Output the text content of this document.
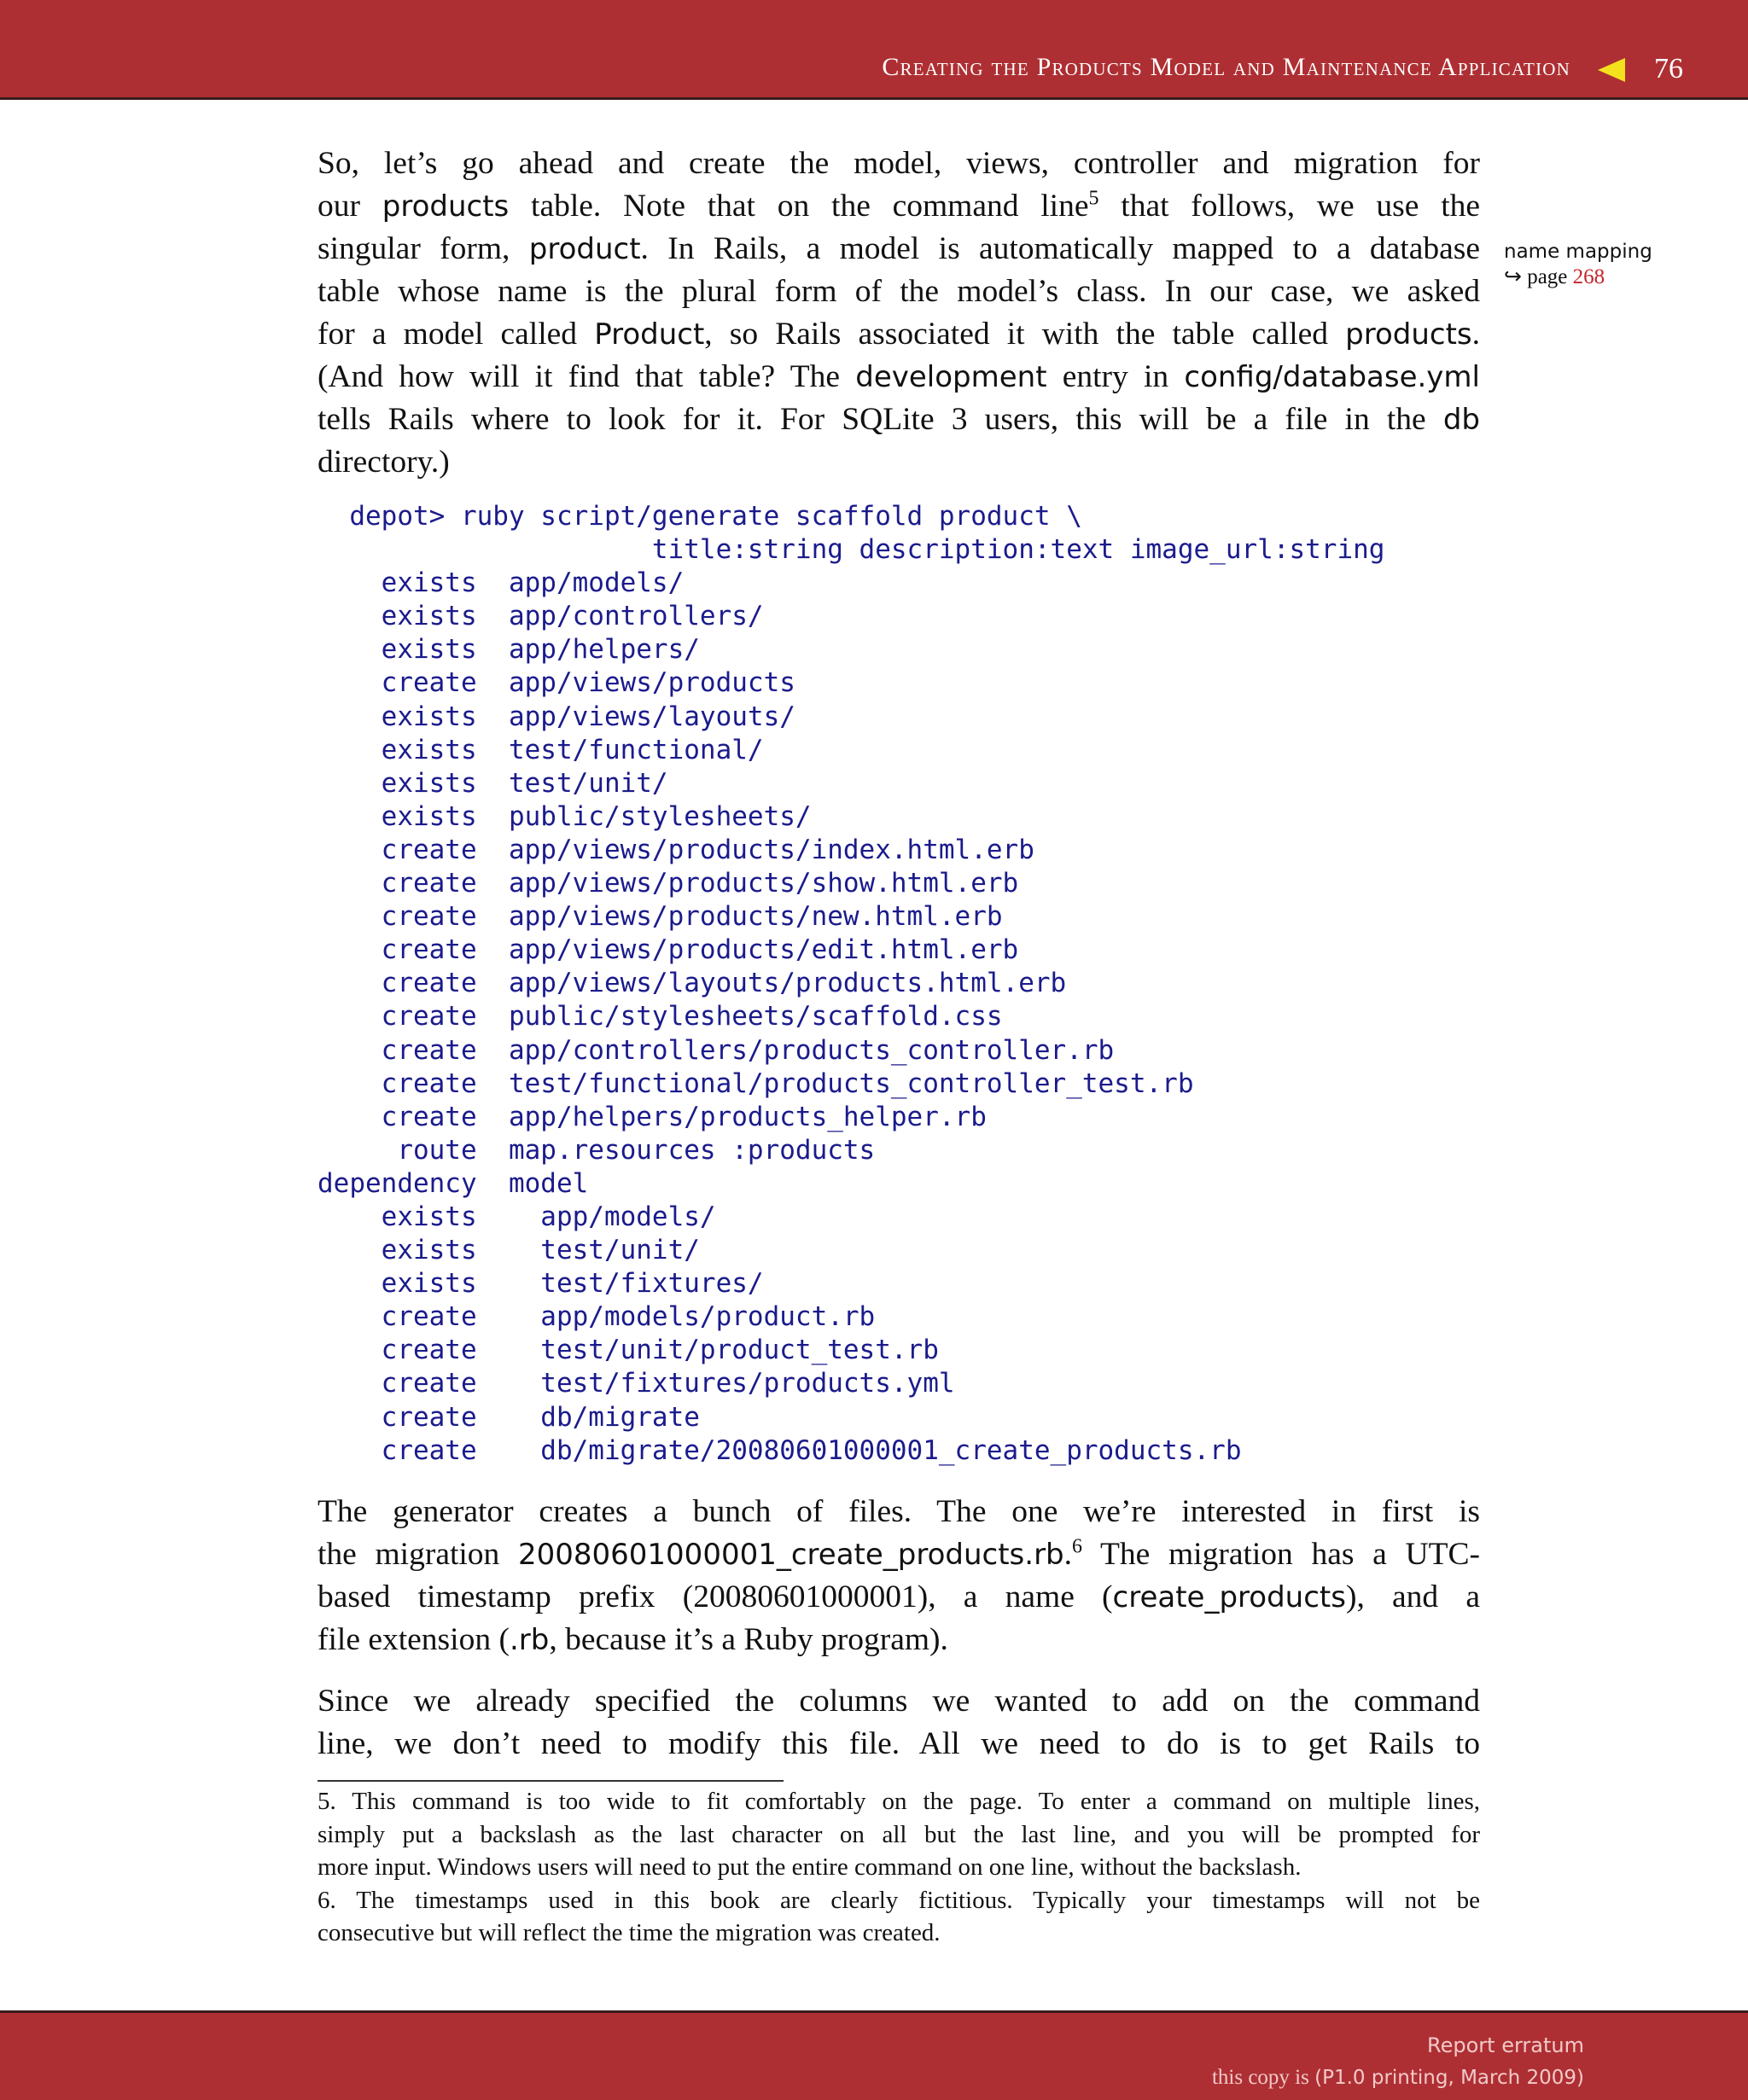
Creating the Products Model and Maintenance Application	76
So, let’s go ahead and create the model, views, controller and migration for
our products table. Note that on the command line$^5$ that follows, we use the
singular form, product. In Rails, a model is automatically mapped to a database
table whose name is the plural form of the model’s class. In our case, we asked
for a model called Product, so Rails associated it with the table called products.
(And how will it find that table? The development entry in config/database.yml
tells Rails where to look for it. For SQLite 3 users, this will be a file in the db
directory.)
name mapping
↪ page 268
depot> ruby script/generate scaffold product \
title:string description:text image_url:string
exists  app/models/
exists  app/controllers/
exists  app/helpers/
create  app/views/products
exists  app/views/layouts/
exists  test/functional/
exists  test/unit/
exists  public/stylesheets/
create  app/views/products/index.html.erb
create  app/views/products/show.html.erb
create  app/views/products/new.html.erb
create  app/views/products/edit.html.erb
create  app/views/layouts/products.html.erb
create  public/stylesheets/scaffold.css
create  app/controllers/products_controller.rb
create  test/functional/products_controller_test.rb
create  app/helpers/products_helper.rb
route  map.resources :products
dependency  model
exists    app/models/
exists    test/unit/
exists    test/fixtures/
create    app/models/product.rb
create    test/unit/product_test.rb
create    test/fixtures/products.yml
create    db/migrate
create    db/migrate/20080601000001_create_products.rb
The generator creates a bunch of files. The one we’re interested in first is
the migration 20080601000001_create_products.rb.$^6$ The migration has a UTC-
based timestamp prefix (20080601000001), a name (create_products), and a
file extension (.rb, because it’s a Ruby program).
Since we already specified the columns we wanted to add on the command
line, we don’t need to modify this file. All we need to do is to get Rails to
5. This command is too wide to fit comfortably on the page. To enter a command on multiple lines,
simply put a backslash as the last character on all but the last line, and you will be prompted for
more input. Windows users will need to put the entire command on one line, without the backslash.
6. The timestamps used in this book are clearly fictitious. Typically your timestamps will not be
consecutive but will reflect the time the migration was created.
Report erratum
this copy is (P1.0 printing, March 2009)
